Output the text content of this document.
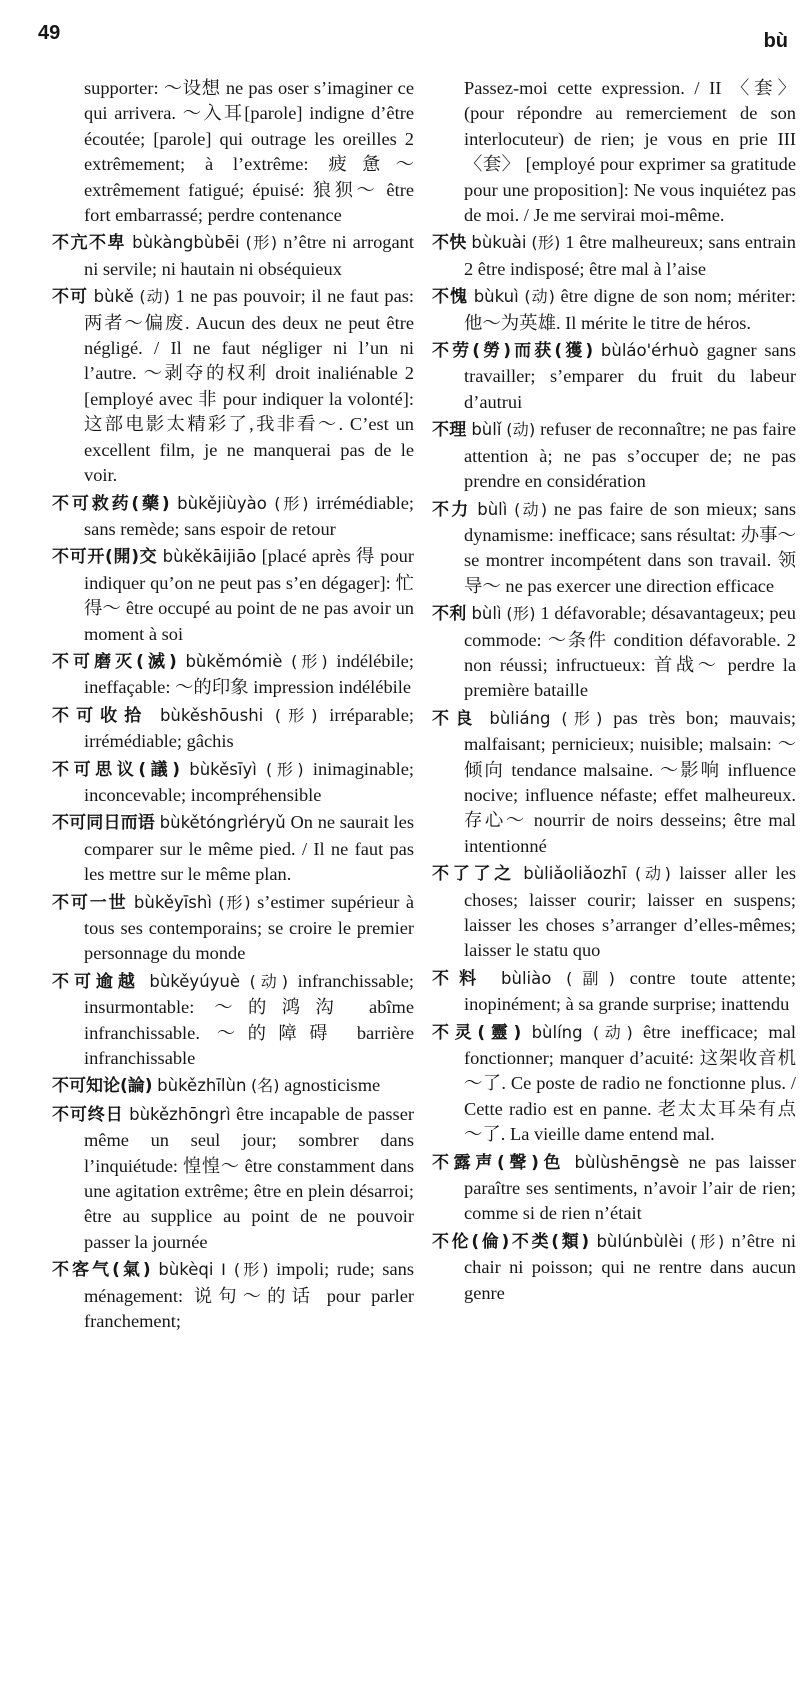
49	bù
supporter: ～设想 ne pas oser s’imaginer ce qui arrivera. ～入耳[parole] indigne d’être écoutée; [parole] qui outrage les oreilles 2 extrêmement; à l’extrême: 疲惫～ extrêmement fatigué; épuisé: 狼狈～ être fort embarrassé; perdre contenance
不亢不卑 bùkàngbùbēi (形) n’être ni arrogant ni servile; ni hautain ni obséquieux
不可 bùkě (动) 1 ne pas pouvoir; il ne faut pas: 两者～偏废. Aucun des deux ne peut être négligé. / Il ne faut négliger ni l’un ni l’autre. ～剥夺的权利 droit inaliénable 2 [employé avec 非 pour indiquer la volonté]: 这部电影太精彩了,我非看～. C’est un excellent film, je ne manquerai pas de le voir.
不可救药(藥) bùkějiùyào (形) irrémédiable; sans remède; sans espoir de retour
不可开(開)交 bùkěkāijiāo [placé après 得 pour indiquer qu’on ne peut pas s’en dégager]: 忙得～ être occupé au point de ne pas avoir un moment à soi
不可磨灭(滅) bùkěmómiè (形) indélébile; ineffaçable: ～的印象 impression indélébile
不可收拾 bùkěshōushi (形) irréparable; irrémédiable; gâchis
不可思议(議) bùkěsīyì (形) inimaginable; inconcevable; incompréhensible
不可同日而语 bùkětóngrìéryǔ On ne saurait les comparer sur le même pied. / Il ne faut pas les mettre sur le même plan.
不可一世 bùkěyīshì (形) s’estimer supérieur à tous ses contemporains; se croire le premier personnage du monde
不可逾越 bùkěyúyuè (动) infranchissable; insurmontable: ～的鸿沟 abîme infranchissable. ～的障碍 barrière infranchissable
不可知论(論) bùkězhīlùn (名) agnosticisme
不可终日 bùkězhōngrì être incapable de passer même un seul jour; sombrer dans l’inquiétude: 惶惶～ être constamment dans une agitation extrême; être en plein désarroi; être au supplice au point de ne pouvoir passer la journée
不客气(氣) bùkèqi I (形) impoli; rude; sans ménagement: 说句～的话 pour parler franchement;
Passez-moi cette expression. / II 〈套〉 (pour répondre au remerciement de son interlocuteur) de rien; je vous en prie III 〈套〉 [employé pour exprimer sa gratitude pour une proposition]: Ne vous inquiétez pas de moi. / Je me servirai moi-même.
不快 bùkuài (形) 1 être malheureux; sans entrain 2 être indisposé; être mal à l’aise
不愧 bùkuì (动) être digne de son nom; mériter: 他～为英雄. Il mérite le titre de héros.
不劳(勞)而获(獲) bùláo'érhuò gagner sans travailler; s’emparer du fruit du labeur d’autrui
不理 bùlǐ (动) refuser de reconnaître; ne pas faire attention à; ne pas s’occuper de; ne pas prendre en considération
不力 bùlì (动) ne pas faire de son mieux; sans dynamisme: inefficace; sans résultat: 办事～ se montrer incompétent dans son travail. 领导～ ne pas exercer une direction efficace
不利 bùlì (形) 1 défavorable; désavantageux; peu commode: ～条件 condition défavorable. 2 non réussi; infructueux: 首战～ perdre la première bataille
不良 bùliáng (形) pas très bon; mauvais; malfaisant; pernicieux; nuisible; malsain: ～倾向 tendance malsaine. ～影响 influence nocive; influence néfaste; effet malheureux. 存心～ nourrir de noirs desseins; être mal intentionné
不了了之 bùliǎoliǎozhī (动) laisser aller les choses; laisser courir; laisser en suspens; laisser les choses s’arranger d’elles-mêmes; laisser le statu quo
不料 bùliào (副) contre toute attente; inopinément; à sa grande surprise; inattendu
不灵(靈) bùlíng (动) être inefficace; mal fonctionner; manquer d’acuité: 这架收音机～了. Ce poste de radio ne fonctionne plus. / Cette radio est en panne. 老太太耳朵有点～了. La vieille dame entend mal.
不露声(聲)色 bùlùshēngsè ne pas laisser paraître ses sentiments, n’avoir l’air de rien; comme si de rien n’était
不伦(倫)不类(類) bùlúnbùlèi (形) n’être ni chair ni poisson; qui ne rentre dans aucun genre
